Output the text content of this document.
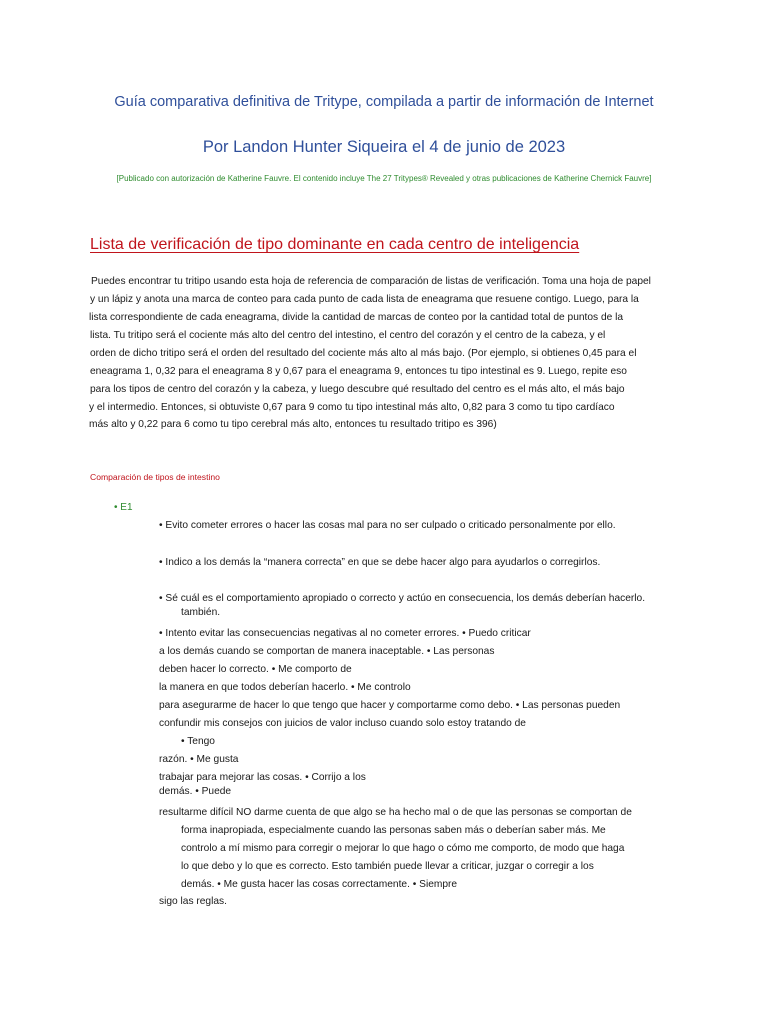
Guía comparativa definitiva de Tritype, compilada a partir de información de Internet
Por Landon Hunter Siqueira el 4 de junio de 2023
[Publicado con autorización de Katherine Fauvre. El contenido incluye The 27 Tritypes® Revealed y otras publicaciones de Katherine Chernick Fauvre]
Lista de verificación de tipo dominante en cada centro de inteligencia
Puedes encontrar tu tritipo usando esta hoja de referencia de comparación de listas de verificación. Toma una hoja de papel
y un lápiz y anota una marca de conteo para cada punto de cada lista de eneagrama que resuene contigo. Luego, para la
lista correspondiente de cada eneagrama, divide la cantidad de marcas de conteo por la cantidad total de puntos de la
lista. Tu tritipo será el cociente más alto del centro del intestino, el centro del corazón y el centro de la cabeza, y el
orden de dicho tritipo será el orden del resultado del cociente más alto al más bajo. (Por ejemplo, si obtienes 0,45 para el
eneagrama 1, 0,32 para el eneagrama 8 y 0,67 para el eneagrama 9, entonces tu tipo intestinal es 9. Luego, repite eso
para los tipos de centro del corazón y la cabeza, y luego descubre qué resultado del centro es el más alto, el más bajo
y el intermedio. Entonces, si obtuviste 0,67 para 9 como tu tipo intestinal más alto, 0,82 para 3 como tu tipo cardíaco
más alto y 0,22 para 6 como tu tipo cerebral más alto, entonces tu resultado tritipo es 396)
Comparación de tipos de intestino
• E1
• Evito cometer errores o hacer las cosas mal para no ser culpado o criticado personalmente por ello.
• Indico a los demás la “manera correcta” en que se debe hacer algo para ayudarlos o corregirlos.
• Sé cuál es el comportamiento apropiado o correcto y actúo en consecuencia, los demás deberían hacerlo.
también.
• Intento evitar las consecuencias negativas al no cometer errores. • Puedo criticar
a los demás cuando se comportan de manera inaceptable. • Las personas
deben hacer lo correcto. • Me comporto de
la manera en que todos deberían hacerlo. • Me controlo
para asegurarme de hacer lo que tengo que hacer y comportarme como debo. • Las personas pueden
confundir mis consejos con juicios de valor incluso cuando solo estoy tratando de
• Tengo
razón. • Me gusta
trabajar para mejorar las cosas. • Corrijo a los
demás. • Puede
resultarme difícil NO darme cuenta de que algo se ha hecho mal o de que las personas se comportan de
forma inapropiada, especialmente cuando las personas saben más o deberían saber más. Me
controlo a mí mismo para corregir o mejorar lo que hago o cómo me comporto, de modo que haga
lo que debo y lo que es correcto. Esto también puede llevar a criticar, juzgar o corregir a los
demás. • Me gusta hacer las cosas correctamente. • Siempre
sigo las reglas.
